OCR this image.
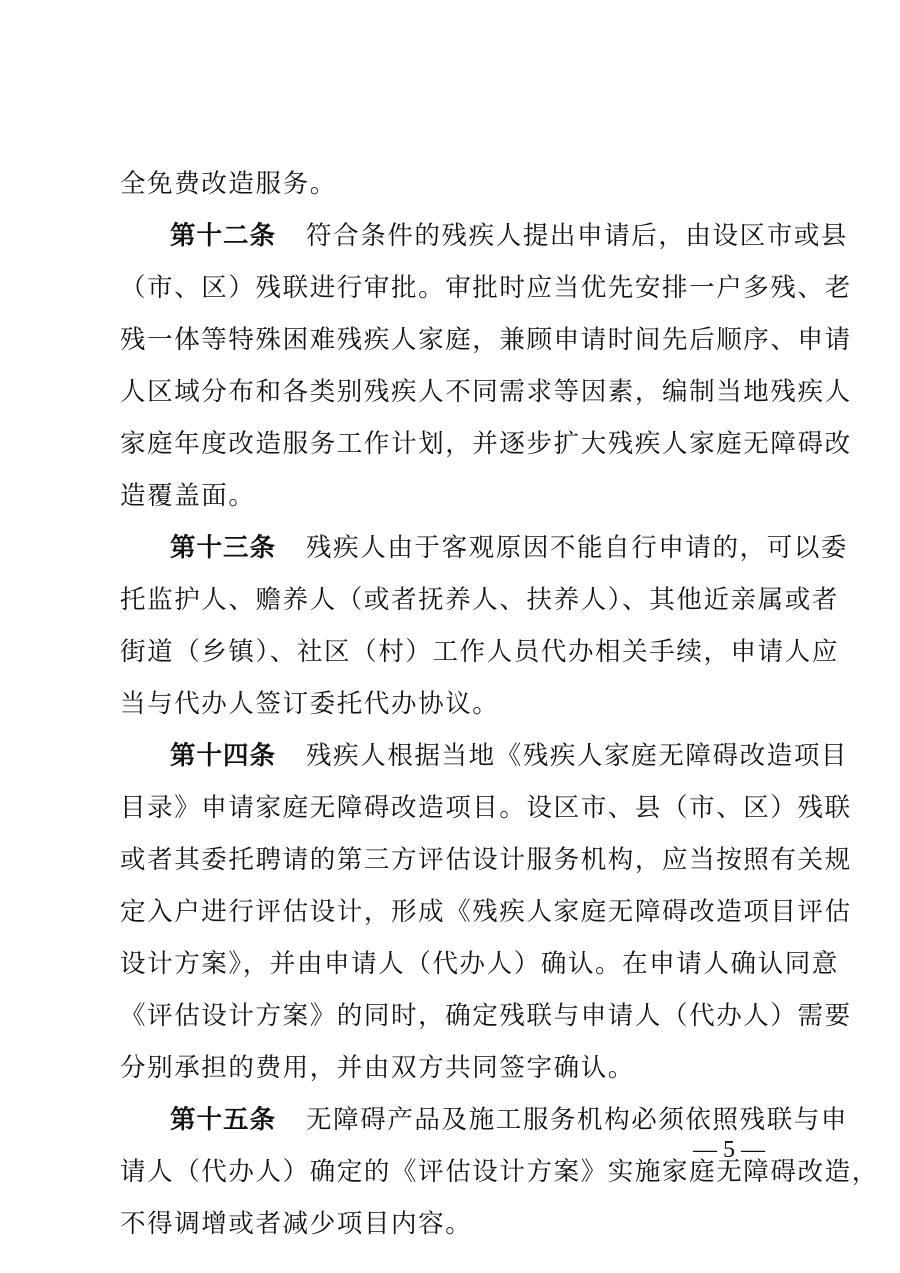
全免费改造服务。
第十二条 符合条件的残疾人提出申请后，由设区市或县
（市、区）残联进行审批。审批时应当优先安排一户多残、老
残一体等特殊困难残疾人家庭，兼顾申请时间先后顺序、申请
人区域分布和各类别残疾人不同需求等因素，编制当地残疾人
家庭年度改造服务工作计划，并逐步扩大残疾人家庭无障碍改
造覆盖面。
第十三条 残疾人由于客观原因不能自行申请的，可以委
托监护人、赡养人（或者抚养人、扶养人）、其他近亲属或者
街道（乡镇）、社区（村）工作人员代办相关手续，申请人应
当与代办人签订委托代办协议。
第十四条 残疾人根据当地《残疾人家庭无障碍改造项目
目录》申请家庭无障碍改造项目。设区市、县（市、区）残联
或者其委托聘请的第三方评估设计服务机构，应当按照有关规
定入户进行评估设计，形成《残疾人家庭无障碍改造项目评估
设计方案》，并由申请人（代办人）确认。在申请人确认同意
《评估设计方案》的同时，确定残联与申请人（代办人）需要
分别承担的费用，并由双方共同签字确认。
第十五条 无障碍产品及施工服务机构必须依照残联与申
请人（代办人）确定的《评估设计方案》实施家庭无障碍改造，
不得调增或者减少项目内容。
— 5 —
